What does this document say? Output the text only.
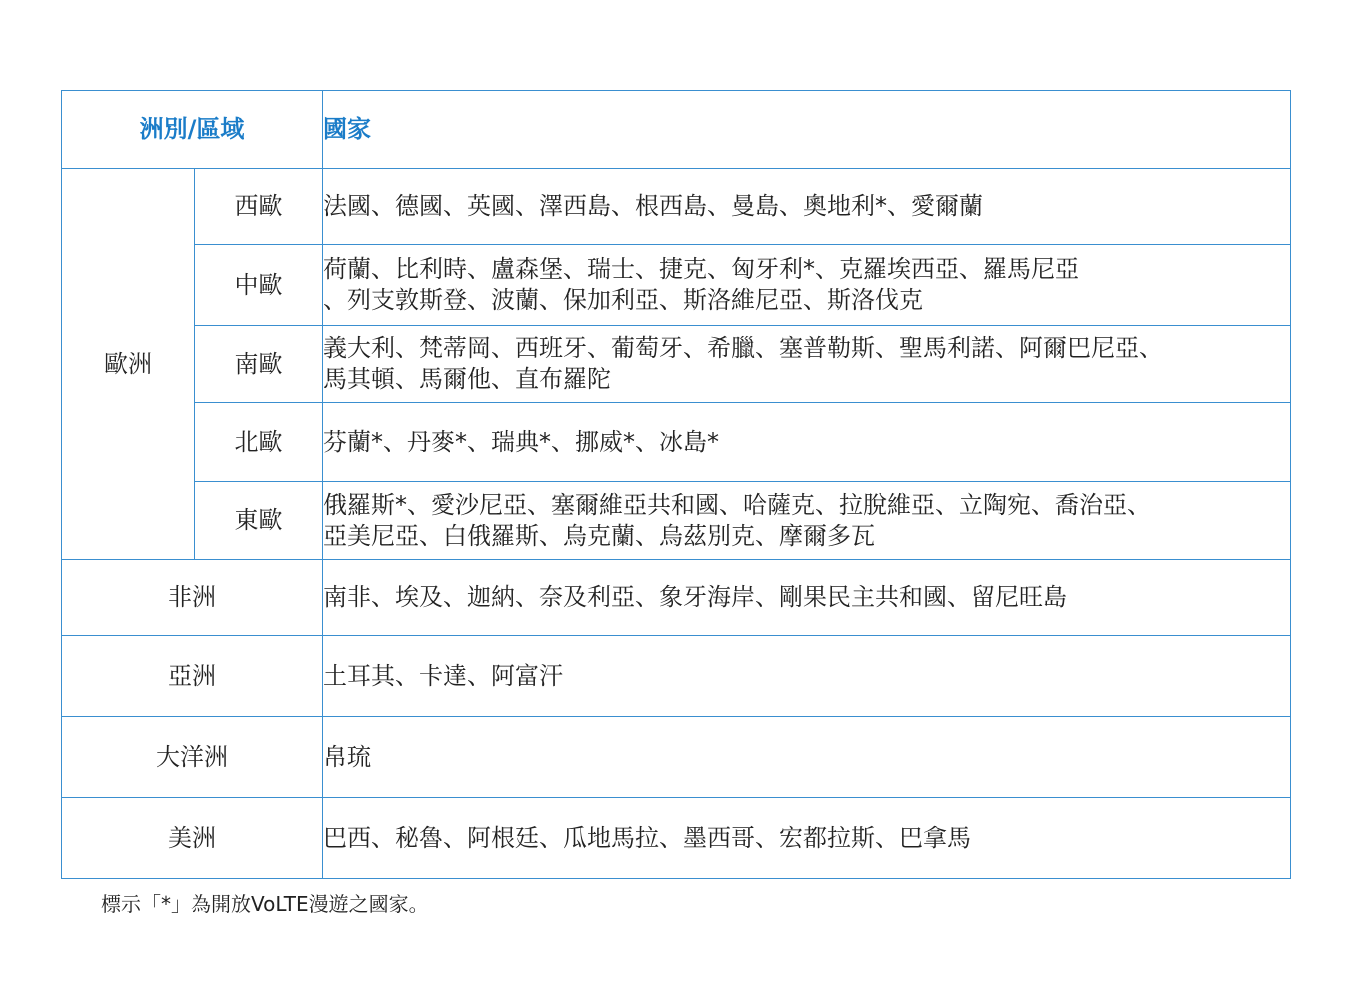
洲別/區域		國家
歐洲	西歐	法國、德國、英國、澤西島、根西島、曼島、奧地利*、愛爾蘭

	中歐	荷蘭、比利時、盧森堡、瑞士、捷克、匈牙利*、克羅埃西亞、羅馬尼亞
、列支敦斯登、波蘭、保加利亞、斯洛維尼亞、斯洛伐克

	南歐	義大利、梵蒂岡、西班牙、葡萄牙、希臘、塞普勒斯、聖馬利諾、阿爾巴尼亞、
馬其頓、馬爾他、直布羅陀

	北歐	芬蘭*、丹麥*、瑞典*、挪威*、冰島*

	東歐	俄羅斯*、愛沙尼亞、塞爾維亞共和國、哈薩克、拉脫維亞、立陶宛、喬治亞、
亞美尼亞、白俄羅斯、烏克蘭、烏茲別克、摩爾多瓦

非洲		南非、埃及、迦納、奈及利亞、象牙海岸、剛果民主共和國、留尼旺島
亞洲		土耳其、卡達、阿富汗
大洋洲		帛琉
美洲		巴西、秘魯、阿根廷、瓜地馬拉、墨西哥、宏都拉斯、巴拿馬
標示「*」為開放VoLTE漫遊之國家。
